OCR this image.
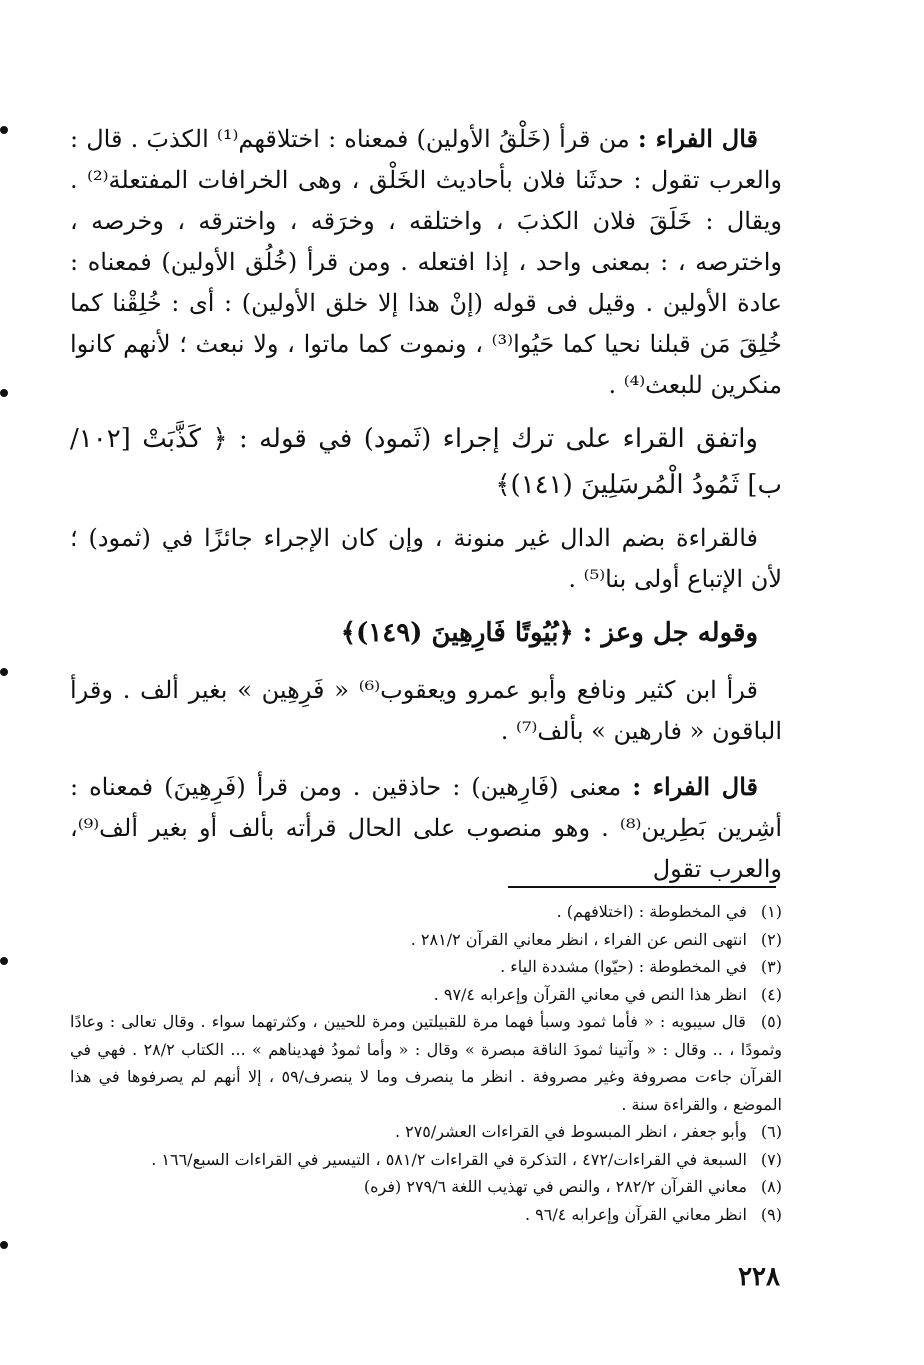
قال الفراء : من قرأ (خَلْقُ الأولين) فمعناه : اختلاقهم⁽¹⁾ الكذبَ . قال : والعرب تقول : حدثَنا فلان بأحاديث الخَلْق ، وهى الخرافات المفتعلة⁽²⁾ . ويقال : خَلَقَ فلان الكذبَ ، واختلقه ، وخرَقه ، واخترقه ، وخرصه ، واخترصه ، : بمعنى واحد ، إذا افتعله . ومن قرأ (خُلُق الأولين) فمعناه : عادة الأولين . وقيل فى قوله (إنْ هذا إلا خلق الأولين) : أى : خُلِقْنا كما خُلِقَ مَن قبلنا نحيا كما حَيُوا⁽³⁾ ، ونموت كما ماتوا ، ولا نبعث ؛ لأنهم كانوا منكرين للبعث⁽⁴⁾ .

واتفق القراء على ترك إجراء (ثَمود) في قوله : ﴿ كَذَّبَتْ [١٠٢/ب] ثَمُودُ الْمُرسَلِينَ (١٤١)﴾

فالقراءة بضم الدال غير منونة ، وإن كان الإجراء جائزًا في (ثمود) ؛ لأن الإتباع أولى بنا⁽⁵⁾ .

وقوله جل وعز : ﴿بُيُوتًا فَارِهِينَ (١٤٩)﴾

قرأ ابن كثير ونافع وأبو عمرو ويعقوب⁽⁶⁾ « فَرِهِين » بغير ألف . وقرأ الباقون « فارهين » بألف⁽⁷⁾ .

قال الفراء : معنى (فَارِهين) : حاذقين . ومن قرأ (فَرِهِينَ) فمعناه : أشِرين بَطِرين⁽⁸⁾ . وهو منصوب على الحال قرأته بألف أو بغير ألف⁽⁹⁾، والعرب تقول

(١) في المخطوطة : (اختلافهم) .

(٢) انتهى النص عن الفراء ، انظر معاني القرآن ٢٨١/٢ .

(٣) في المخطوطة : (حيّوا) مشددة الياء .

(٤) انظر هذا النص في معاني القرآن وإعرابه ٩٧/٤ .

(٥) قال سيبويه : « فأما ثمود وسبأ فهما مرة للقبيلتين ومرة للحيين ، وكثرتهما سواء . وقال تعالى : وعادًا وثمودًا ، .. وقال : « وآتينا ثمودَ الناقة مبصرة » وقال : « وأما ثمودُ فهديناهم » ... الكتاب ٢٨/٢ . فهي في القرآن جاءت مصروفة وغير مصروفة . انظر ما ينصرف وما لا ينصرف/٥٩ ، إلا أنهم لم يصرفوها في هذا الموضع ، والقراءة سنة .

(٦) وأبو جعفر ، انظر المبسوط في القراءات العشر/٢٧٥ .

(٧) السبعة في القراءات/٤٧٢ ، التذكرة في القراءات ٥٨١/٢ ، التيسير في القراءات السبع/١٦٦ .

(٨) معاني القرآن ٢٨٢/٢ ، والنص في تهذيب اللغة ٢٧٩/٦ (فره)

(٩) انظر معاني القرآن وإعرابه ٩٦/٤ .

٢٢٨
